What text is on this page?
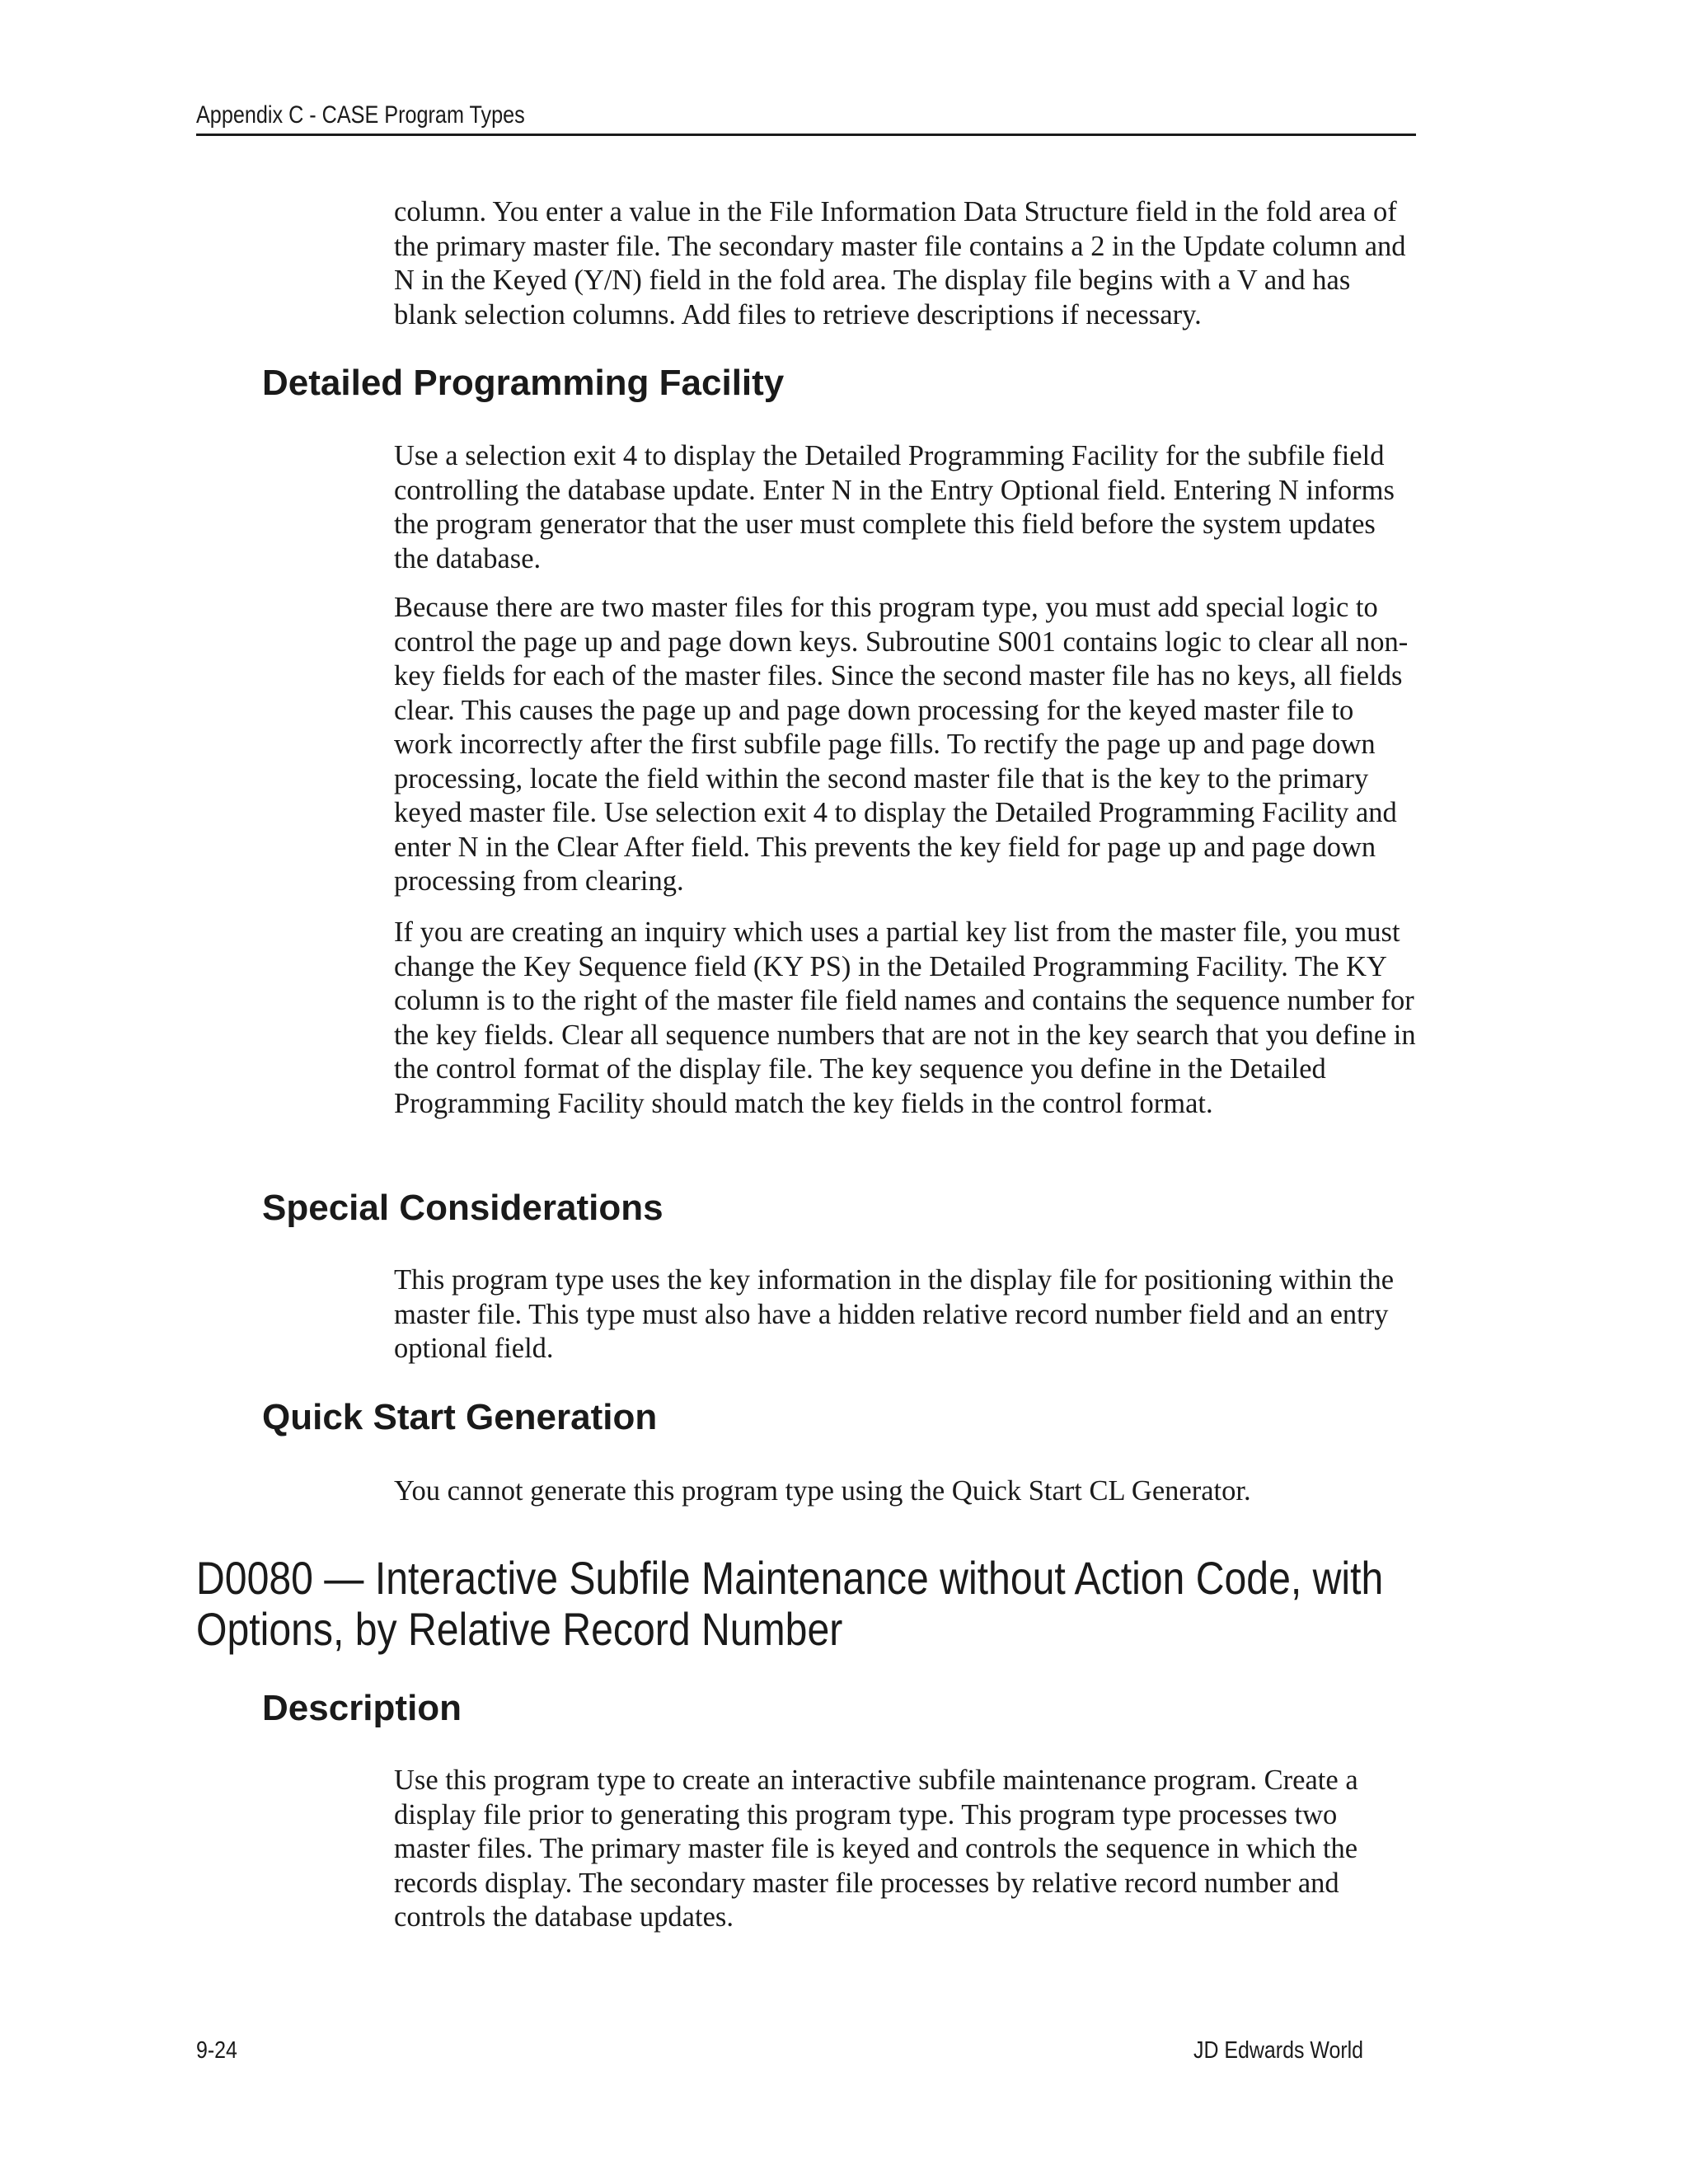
Appendix C - CASE Program Types

column. You enter a value in the File Information Data Structure field in the fold area of the primary master file. The secondary master file contains a 2 in the Update column and N in the Keyed (Y/N) field in the fold area. The display file begins with a V and has blank selection columns. Add files to retrieve descriptions if necessary.

Detailed Programming Facility

Use a selection exit 4 to display the Detailed Programming Facility for the subfile field controlling the database update. Enter N in the Entry Optional field. Entering N informs the program generator that the user must complete this field before the system updates the database.

Because there are two master files for this program type, you must add special logic to control the page up and page down keys. Subroutine S001 contains logic to clear all non-key fields for each of the master files. Since the second master file has no keys, all fields clear. This causes the page up and page down processing for the keyed master file to work incorrectly after the first subfile page fills. To rectify the page up and page down processing, locate the field within the second master file that is the key to the primary keyed master file. Use selection exit 4 to display the Detailed Programming Facility and enter N in the Clear After field. This prevents the key field for page up and page down processing from clearing.

If you are creating an inquiry which uses a partial key list from the master file, you must change the Key Sequence field (KY PS) in the Detailed Programming Facility. The KY column is to the right of the master file field names and contains the sequence number for the key fields. Clear all sequence numbers that are not in the key search that you define in the control format of the display file. The key sequence you define in the Detailed Programming Facility should match the key fields in the control format.

Special Considerations

This program type uses the key information in the display file for positioning within the master file. This type must also have a hidden relative record number field and an entry optional field.

Quick Start Generation

You cannot generate this program type using the Quick Start CL Generator.

D0080 — Interactive Subfile Maintenance without Action Code, with
Options, by Relative Record Number
Description

Use this program type to create an interactive subfile maintenance program. Create a display file prior to generating this program type. This program type processes two master files. The primary master file is keyed and controls the sequence in which the records display. The secondary master file processes by relative record number and controls the database updates.

9-24	JD Edwards World
